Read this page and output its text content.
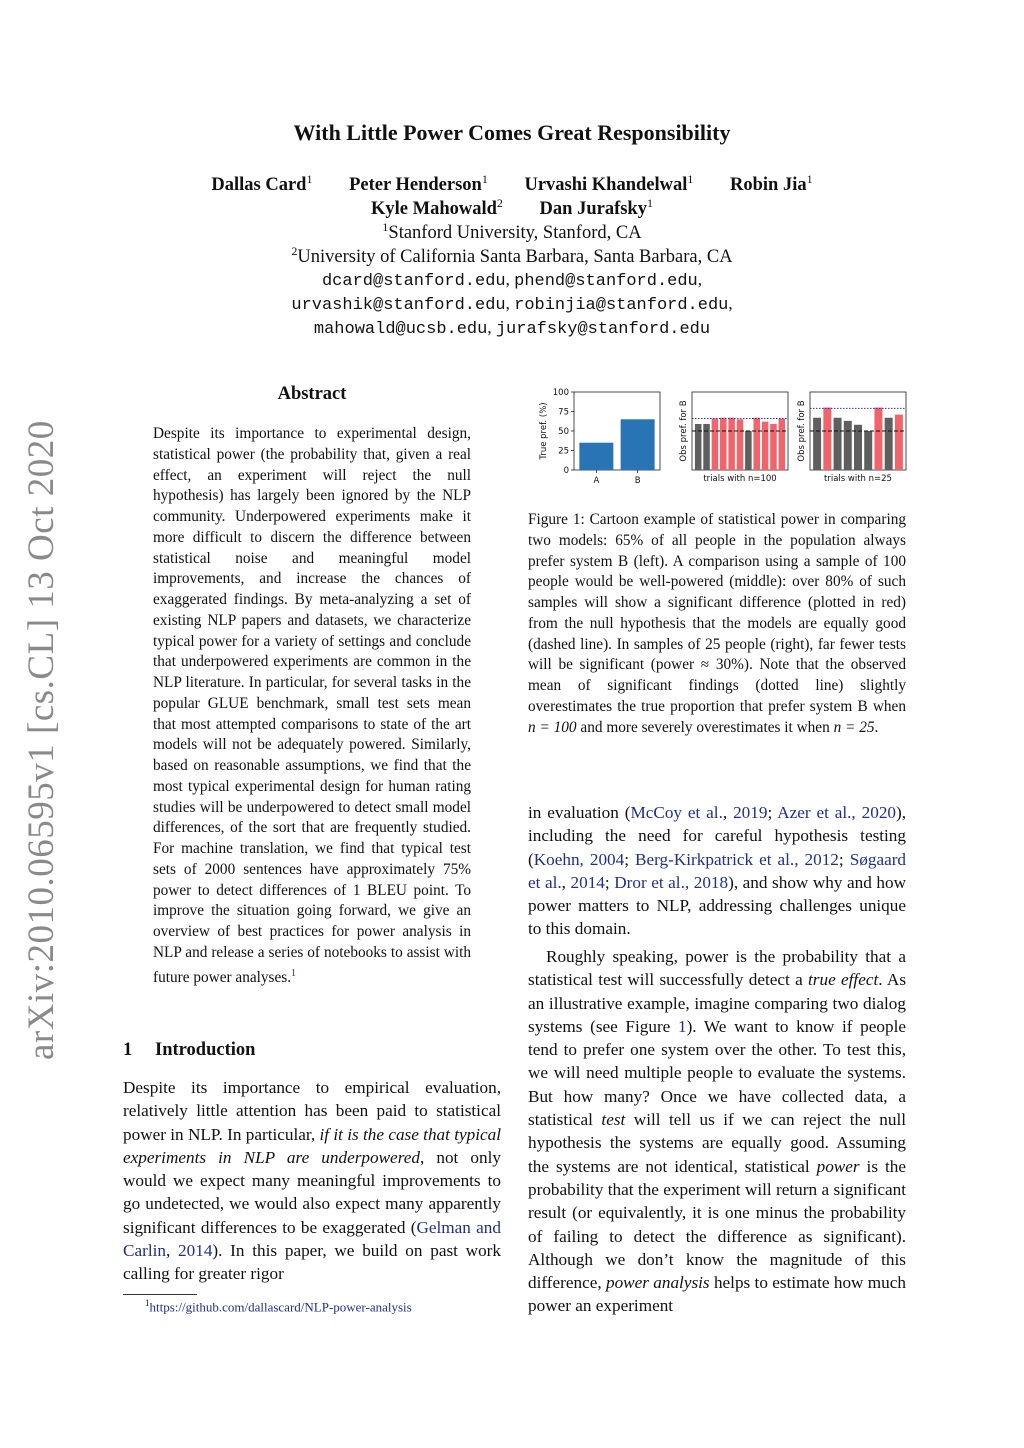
arXiv:2010.06595v1 [cs.CL] 13 Oct 2020
With Little Power Comes Great Responsibility
Dallas Card$^1$ Peter Henderson$^1$ Urvashi Khandelwal$^1$ Robin Jia$^1$
Kyle Mahowald$^2$ Dan Jurafsky$^1$
$^1$Stanford University, Stanford, CA
$^2$University of California Santa Barbara, Santa Barbara, CA
dcard@stanford.edu, phend@stanford.edu,
urvashik@stanford.edu, robinjia@stanford.edu,
mahowald@ucsb.edu, jurafsky@stanford.edu
Abstract

Despite its importance to experimental design, statistical power (the probability that, given a real effect, an experiment will reject the null hypothesis) has largely been ignored by the NLP community. Underpowered experiments make it more difficult to discern the difference between statistical noise and meaningful model improvements, and increase the chances of exaggerated findings. By meta-analyzing a set of existing NLP papers and datasets, we characterize typical power for a variety of settings and conclude that underpowered experiments are common in the NLP literature. In particular, for several tasks in the popular GLUE benchmark, small test sets mean that most attempted comparisons to state of the art models will not be adequately powered. Similarly, based on reasonable assumptions, we find that the most typical experimental design for human rating studies will be underpowered to detect small model differences, of the sort that are frequently studied. For machine translation, we find that typical test sets of 2000 sentences have approximately 75% power to detect differences of 1 BLEU point. To improve the situation going forward, we give an overview of best practices for power analysis in NLP and release a series of notebooks to assist with future power analyses.$^1$

1 Introduction

Despite its importance to empirical evaluation, relatively little attention has been paid to statistical power in NLP. In particular, if it is the case that typical experiments in NLP are underpowered, not only would we expect many meaningful improvements to go undetected, we would also expect many apparently significant differences to be exaggerated (Gelman and Carlin, 2014). In this paper, we build on past work calling for greater rigor

$^1$https://github.com/dallascard/NLP-power-analysis
0
25
50
75
100
A	B
True pref. (%)	Obs pref. for B
trials with n=100
Obs pref. for B
trials with n=25

Figure 1: Cartoon example of statistical power in comparing two models: 65% of all people in the population always prefer system B (left). A comparison using a sample of 100 people would be well-powered (middle): over 80% of such samples will show a significant difference (plotted in red) from the null hypothesis that the models are equally good (dashed line). In samples of 25 people (right), far fewer tests will be significant (power ≈ 30%). Note that the observed mean of significant findings (dotted line) slightly overestimates the true proportion that prefer system B when n = 100 and more severely overestimates it when n = 25.

in evaluation (McCoy et al., 2019; Azer et al., 2020), including the need for careful hypothesis testing (Koehn, 2004; Berg-Kirkpatrick et al., 2012; Søgaard et al., 2014; Dror et al., 2018), and show why and how power matters to NLP, addressing challenges unique to this domain.

Roughly speaking, power is the probability that a statistical test will successfully detect a true effect. As an illustrative example, imagine comparing two dialog systems (see Figure 1). We want to know if people tend to prefer one system over the other. To test this, we will need multiple people to evaluate the systems. But how many? Once we have collected data, a statistical test will tell us if we can reject the null hypothesis the systems are equally good. Assuming the systems are not identical, statistical power is the probability that the experiment will return a significant result (or equivalently, it is one minus the probability of failing to detect the difference as significant). Although we don’t know the magnitude of this difference, power analysis helps to estimate how much power an experiment
